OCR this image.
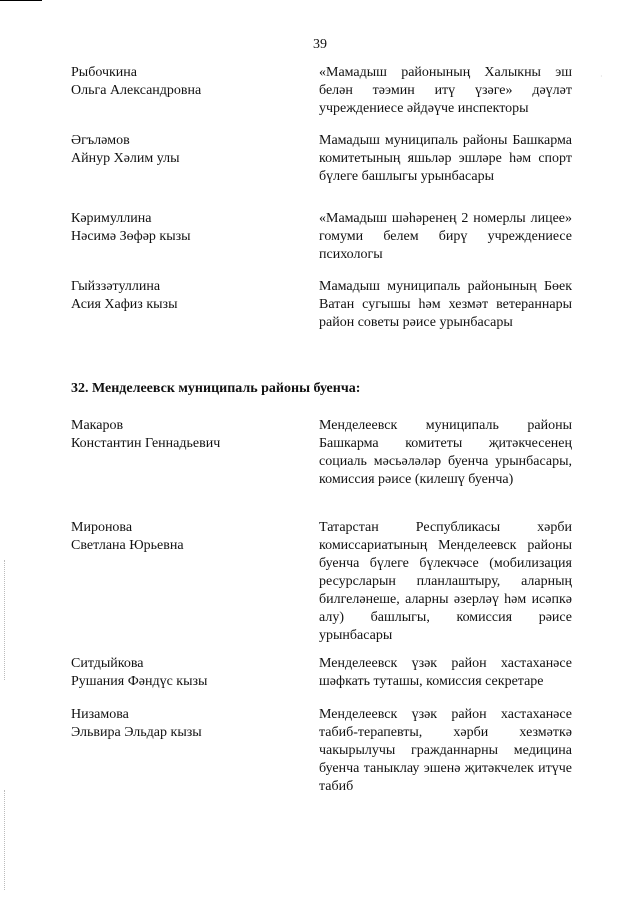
·
39
Рыбочкина
Ольга Александровна
«Мамадыш районының Халыкны эш белән тәэмин итү үзәге» дәүләт учреждениесе әйдәүче инспекторы
Әгъләмов
Айнур Хәлим улы
Мамадыш муниципаль районы Башкарма комитетының яшьләр эшләре һәм спорт бүлеге башлыгы урынбасары
Кәримуллина
Нәсимә Зөфәр кызы
«Мамадыш шәһәренең 2 номерлы лицее» гомуми белем бирү учреждениесе психологы
Гыйззәтуллина
Асия Хафиз кызы
Мамадыш муниципаль районының Бөек Ватан сугышы һәм хезмәт ветераннары район советы рәисе урынбасары
32. Менделеевск муниципаль районы буенча:
Макаров
Константин Геннадьевич
Менделеевск муниципаль районы Башкарма комитеты җитәкчесенең социаль мәсьәләләр буенча урынбасары, комиссия рәисе (килешү буенча)
Миронова
Светлана Юрьевна
Татарстан Республикасы хәрби комиссариатының Менделеевск районы буенча бүлеге бүлекчәсе (мобилизация ресурсларын планлаштыру, аларның билгеләнеше, аларны әзерләү һәм исәпкә алу) башлыгы, комиссия рәисе урынбасары
Ситдыйкова
Рушания Фәндүс кызы
Менделеевск үзәк район хастаханәсе шәфкать туташы, комиссия секретаре
Низамова
Эльвира Эльдар кызы
Менделеевск үзәк район хастаханәсе табиб-терапевты, хәрби хезмәткә чакырылучы гражданнарны медицина буенча таныклау эшенә җитәкчелек итүче табиб
